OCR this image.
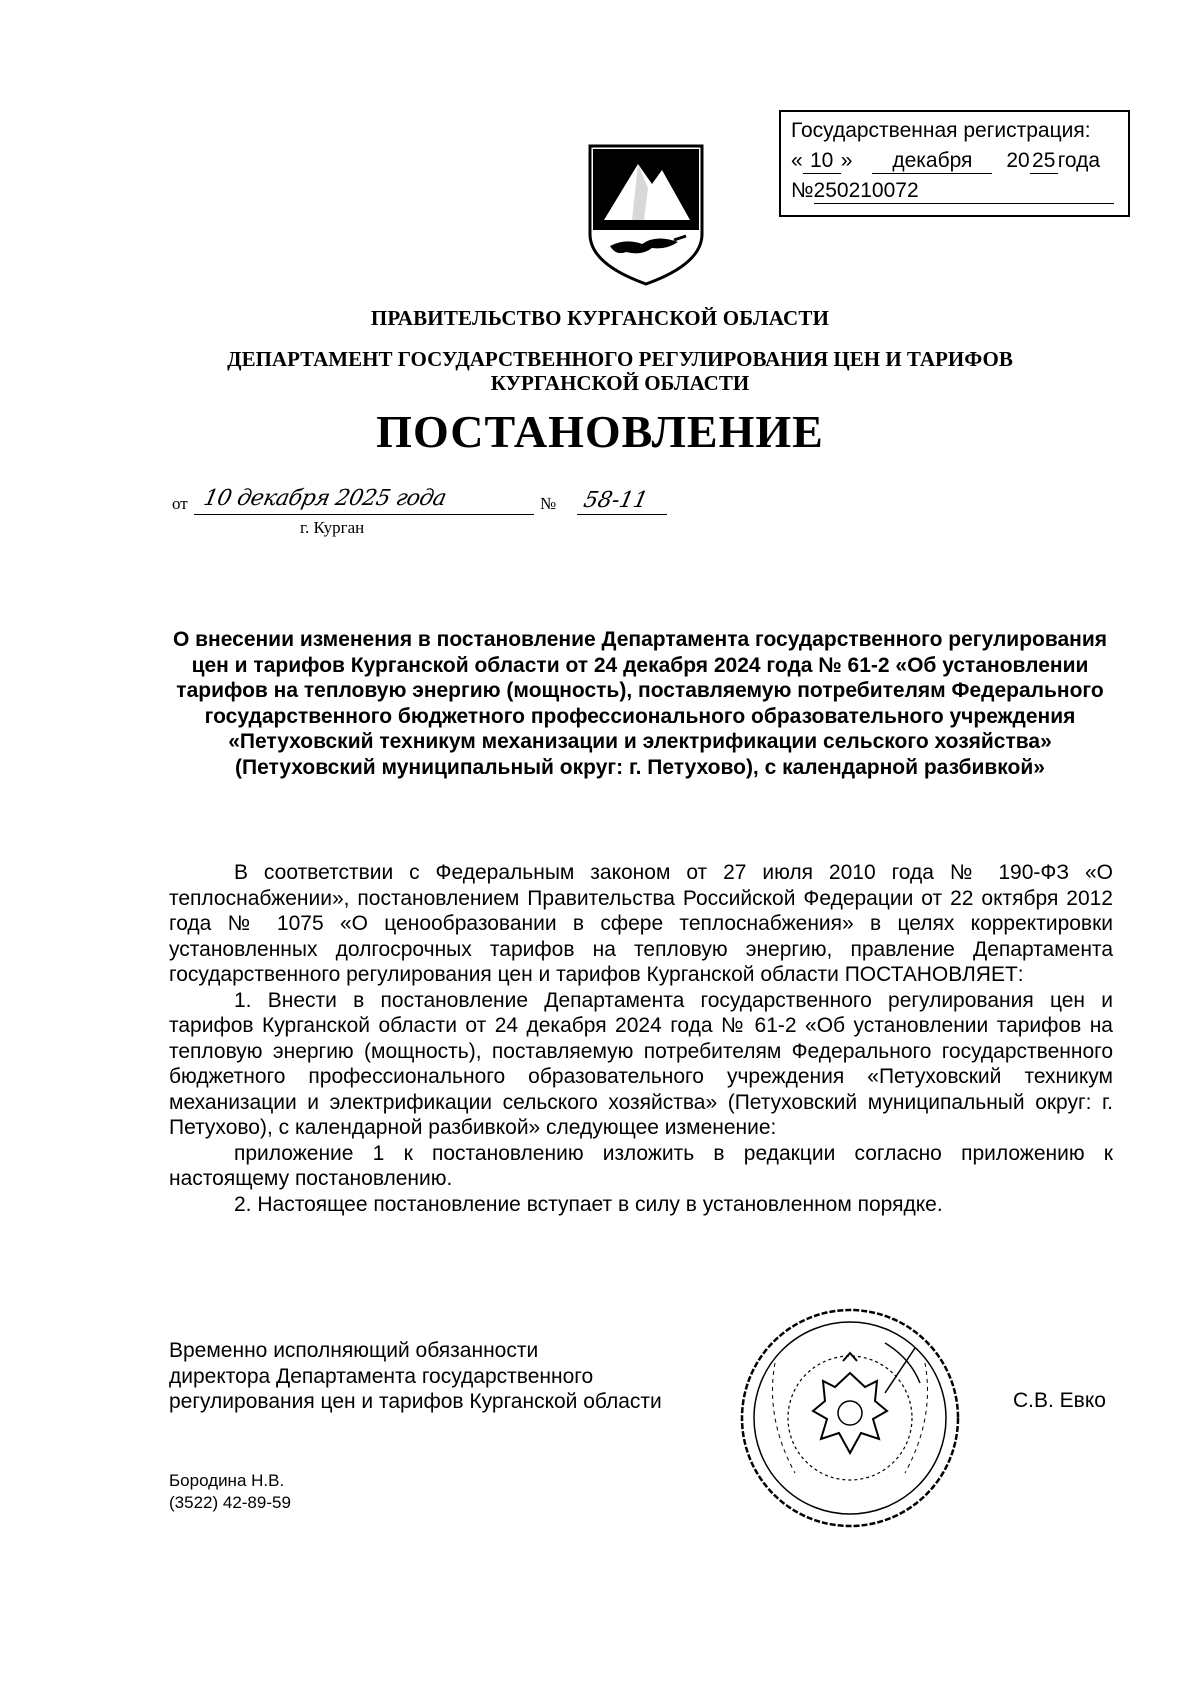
Государственная регистрация:
« 10 »	декабря	20 25 года
№ 250210072
ПРАВИТЕЛЬСТВО КУРГАНСКОЙ ОБЛАСТИ
ДЕПАРТАМЕНТ ГОСУДАРСТВЕННОГО РЕГУЛИРОВАНИЯ ЦЕН И ТАРИФОВ КУРГАНСКОЙ ОБЛАСТИ
ПОСТАНОВЛЕНИЕ
от 10 декабря 2025 года	№ 58-11
г. Курган
О внесении изменения в постановление Департамента государственного регулирования цен и тарифов Курганской области от 24 декабря 2024 года № 61-2 «Об установлении тарифов на тепловую энергию (мощность), поставляемую потребителям Федерального государственного бюджетного профессионального образовательного учреждения «Петуховский техникум механизации и электрификации сельского хозяйства» (Петуховский муниципальный округ: г. Петухово), с календарной разбивкой»

В соответствии с Федеральным законом от 27 июля 2010 года № 190-ФЗ «О теплоснабжении», постановлением Правительства Российской Федерации от 22 октября 2012 года № 1075 «О ценообразовании в сфере теплоснабжения» в целях корректировки установленных долгосрочных тарифов на тепловую энергию, правление Департамента государственного регулирования цен и тарифов Курганской области ПОСТАНОВЛЯЕТ:

1. Внести в постановление Департамента государственного регулирования цен и тарифов Курганской области от 24 декабря 2024 года № 61-2 «Об установлении тарифов на тепловую энергию (мощность), поставляемую потребителям Федерального государственного бюджетного профессионального образовательного учреждения «Петуховский техникум механизации и электрификации сельского хозяйства» (Петуховский муниципальный округ: г. Петухово), с календарной разбивкой» следующее изменение:

приложение 1 к постановлению изложить в редакции согласно приложению к настоящему постановлению.

2. Настоящее постановление вступает в силу в установленном порядке.

Временно исполняющий обязанности
директора Департамента государственного
регулирования цен и тарифов Курганской области	С.В. Евко
Бородина Н.В.
(3522) 42-89-59
